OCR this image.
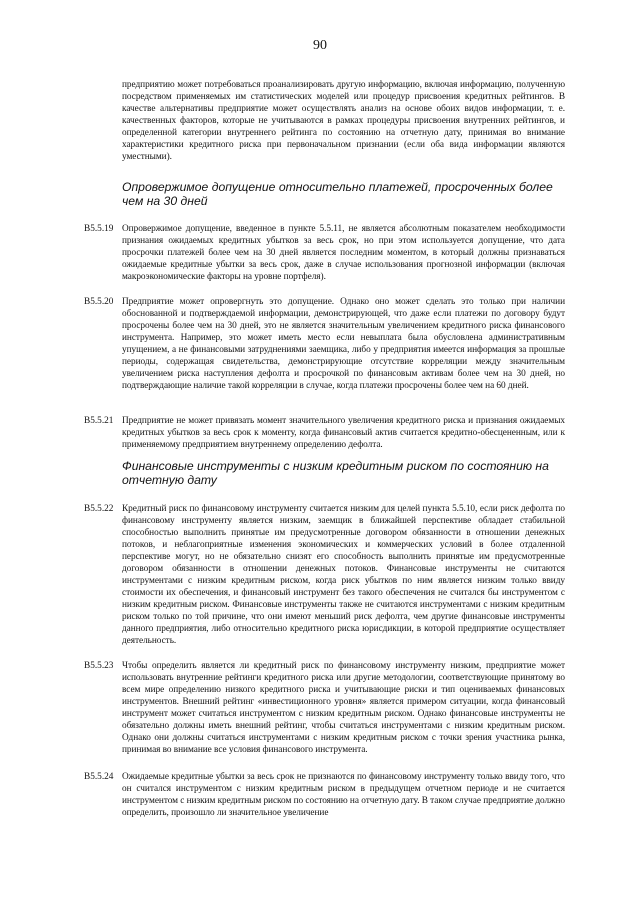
90
предприятию может потребоваться проанализировать другую информацию, включая информацию, полученную посредством применяемых им статистических моделей или процедур присвоения кредитных рейтингов. В качестве альтернативы предприятие может осуществлять анализ на основе обоих видов информации, т. е. качественных факторов, которые не учитываются в рамках процедуры присвоения внутренних рейтингов, и определенной категории внутреннего рейтинга по состоянию на отчетную дату, принимая во внимание характеристики кредитного риска при первоначальном признании (если оба вида информации являются уместными).
Опровержимое допущение относительно платежей, просроченных более чем на 30 дней
B5.5.19 Опровержимое допущение, введенное в пункте 5.5.11, не является абсолютным показателем необходимости признания ожидаемых кредитных убытков за весь срок, но при этом используется допущение, что дата просрочки платежей более чем на 30 дней является последним моментом, в который должны признаваться ожидаемые кредитные убытки за весь срок, даже в случае использования прогнозной информации (включая макроэкономические факторы на уровне портфеля).
B5.5.20 Предприятие может опровергнуть это допущение. Однако оно может сделать это только при наличии обоснованной и подтверждаемой информации, демонстрирующей, что даже если платежи по договору будут просрочены более чем на 30 дней, это не является значительным увеличением кредитного риска финансового инструмента. Например, это может иметь место если невыплата была обусловлена административным упущением, а не финансовыми затруднениями заемщика, либо у предприятия имеется информация за прошлые периоды, содержащая свидетельства, демонстрирующие отсутствие корреляции между значительным увеличением риска наступления дефолта и просрочкой по финансовым активам более чем на 30 дней, но подтверждающие наличие такой корреляции в случае, когда платежи просрочены более чем на 60 дней.
B5.5.21 Предприятие не может привязать момент значительного увеличения кредитного риска и признания ожидаемых кредитных убытков за весь срок к моменту, когда финансовый актив считается кредитно-обесцененным, или к применяемому предприятием внутреннему определению дефолта.
Финансовые инструменты с низким кредитным риском по состоянию на отчетную дату
B5.5.22 Кредитный риск по финансовому инструменту считается низким для целей пункта 5.5.10, если риск дефолта по финансовому инструменту является низким, заемщик в ближайшей перспективе обладает стабильной способностью выполнить принятые им предусмотренные договором обязанности в отношении денежных потоков, и неблагоприятные изменения экономических и коммерческих условий в более отдаленной перспективе могут, но не обязательно снизят его способность выполнить принятые им предусмотренные договором обязанности в отношении денежных потоков. Финансовые инструменты не считаются инструментами с низким кредитным риском, когда риск убытков по ним является низким только ввиду стоимости их обеспечения, и финансовый инструмент без такого обеспечения не считался бы инструментом с низким кредитным риском. Финансовые инструменты также не считаются инструментами с низким кредитным риском только по той причине, что они имеют меньший риск дефолта, чем другие финансовые инструменты данного предприятия, либо относительно кредитного риска юрисдикции, в которой предприятие осуществляет деятельность.
B5.5.23 Чтобы определить является ли кредитный риск по финансовому инструменту низким, предприятие может использовать внутренние рейтинги кредитного риска или другие методологии, соответствующие принятому во всем мире определению низкого кредитного риска и учитывающие риски и тип оцениваемых финансовых инструментов. Внешний рейтинг «инвестиционного уровня» является примером ситуации, когда финансовый инструмент может считаться инструментом с низким кредитным риском. Однако финансовые инструменты не обязательно должны иметь внешний рейтинг, чтобы считаться инструментами с низким кредитным риском. Однако они должны считаться инструментами с низким кредитным риском с точки зрения участника рынка, принимая во внимание все условия финансового инструмента.
B5.5.24 Ожидаемые кредитные убытки за весь срок не признаются по финансовому инструменту только ввиду того, что он считался инструментом с низким кредитным риском в предыдущем отчетном периоде и не считается инструментом с низким кредитным риском по состоянию на отчетную дату. В таком случае предприятие должно определить, произошло ли значительное увеличение
